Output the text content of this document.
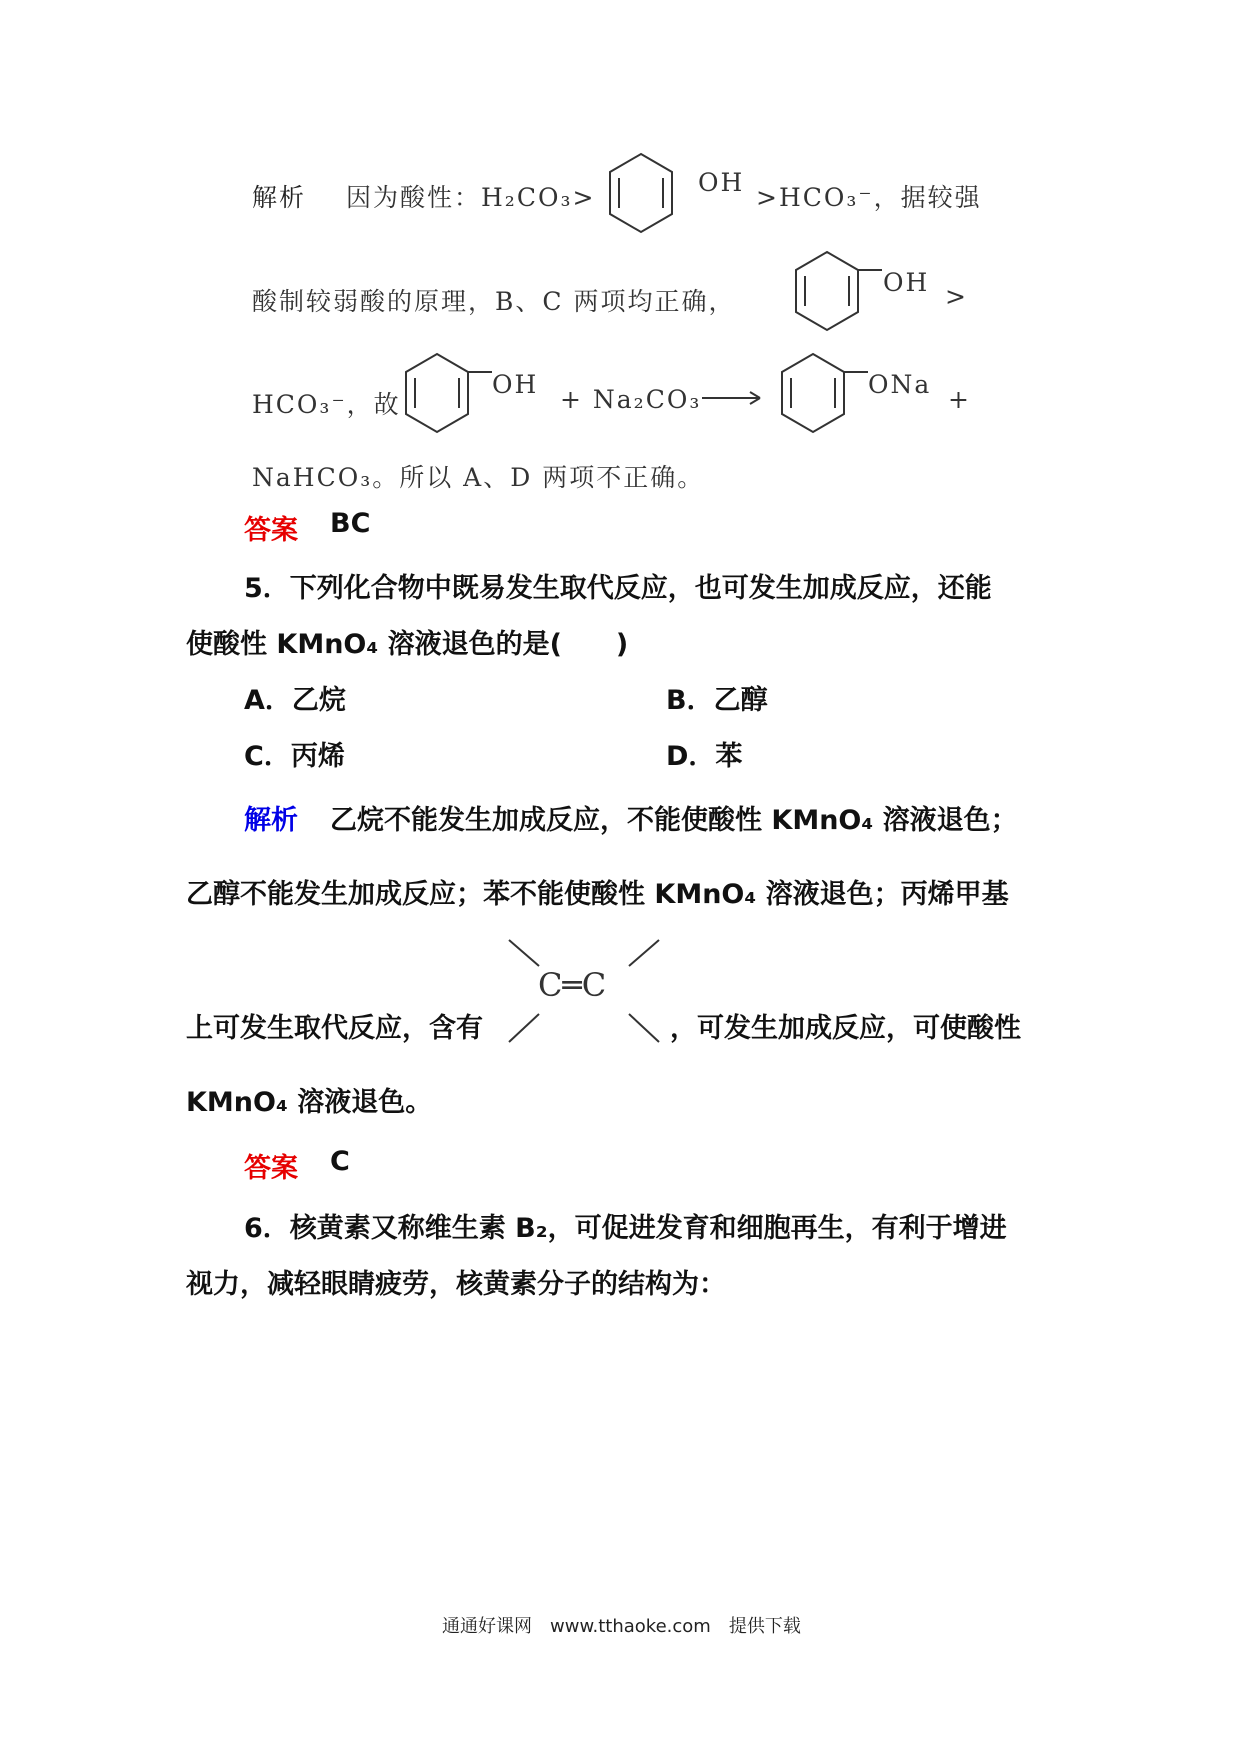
解析 因为酸性：H₂CO₃>
OH
>HCO₃⁻，据较强
酸制较弱酸的原理，B、C 两项均正确，
OH >
HCO₃⁻，故
OH
+ Na₂CO₃
ONa
+
NaHCO₃。所以 A、D 两项不正确。
答案 BC
5．下列化合物中既易发生取代反应，也可发生加成反应，还能
使酸性 KMnO₄ 溶液退色的是(　　)
A．乙烷	B．乙醇
C．丙烯	D．苯
解析 乙烷不能发生加成反应，不能使酸性 KMnO₄ 溶液退色；
乙醇不能发生加成反应；苯不能使酸性 KMnO₄ 溶液退色；丙烯甲基
上可发生取代反应，含有
C═C
，可发生加成反应，可使酸性
KMnO₄ 溶液退色。
答案 C
6．核黄素又称维生素 B₂，可促进发育和细胞再生，有利于增进
视力，减轻眼睛疲劳，核黄素分子的结构为：
通通好课网　www.tthaoke.com　提供下载
